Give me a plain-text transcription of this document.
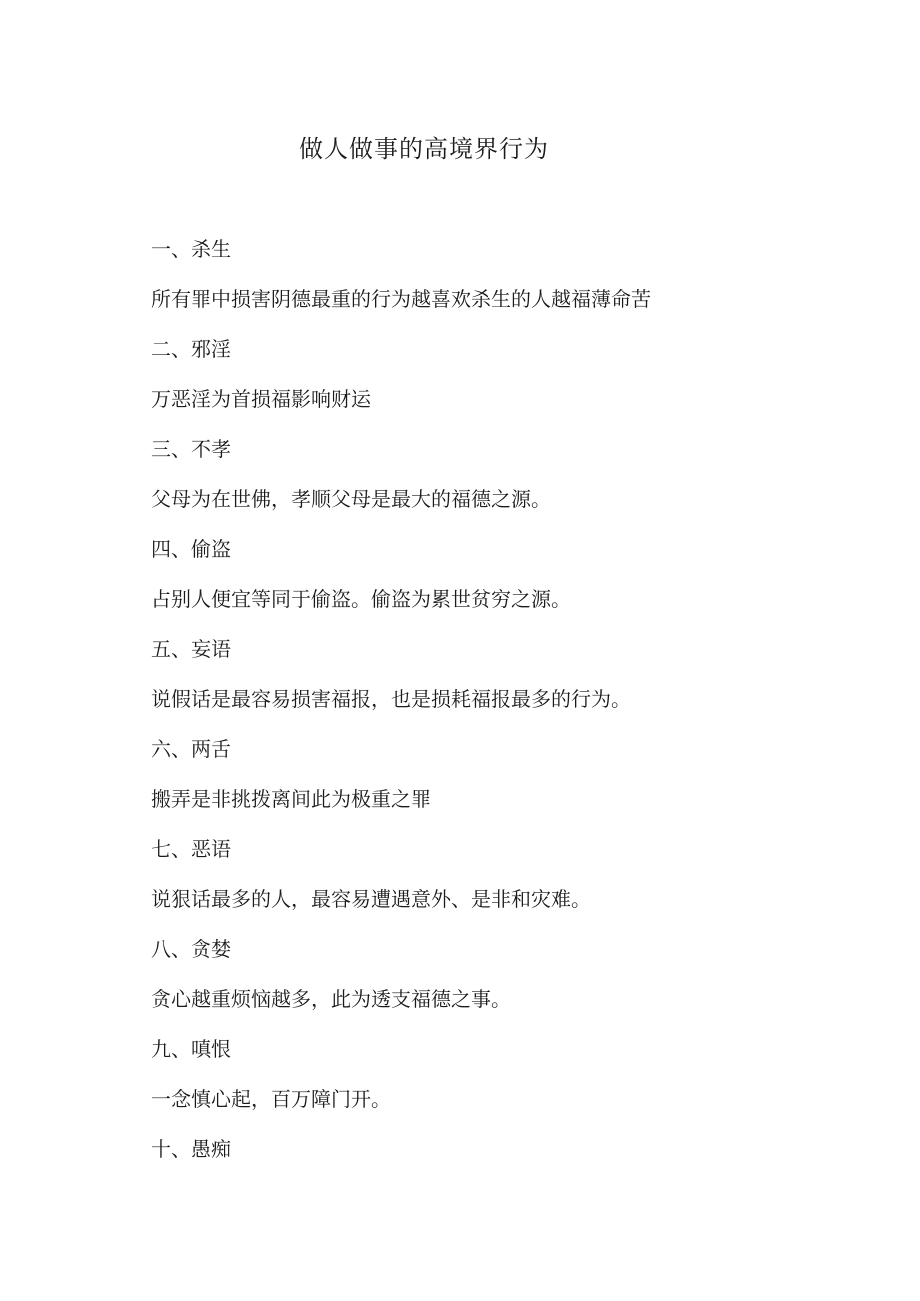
做人做事的高境界行为
一、杀生
所有罪中损害阴德最重的行为越喜欢杀生的人越福薄命苦
二、邪淫
万恶淫为首损福影响财运
三、不孝
父母为在世佛，孝顺父母是最大的福德之源。
四、偷盗
占别人便宜等同于偷盗。偷盗为累世贫穷之源。
五、妄语
说假话是最容易损害福报，也是损耗福报最多的行为。
六、两舌
搬弄是非挑拨离间此为极重之罪
七、恶语
说狠话最多的人，最容易遭遇意外、是非和灾难。
八、贪婪
贪心越重烦恼越多，此为透支福德之事。
九、嗔恨
一念慎心起，百万障门开。
十、愚痴
